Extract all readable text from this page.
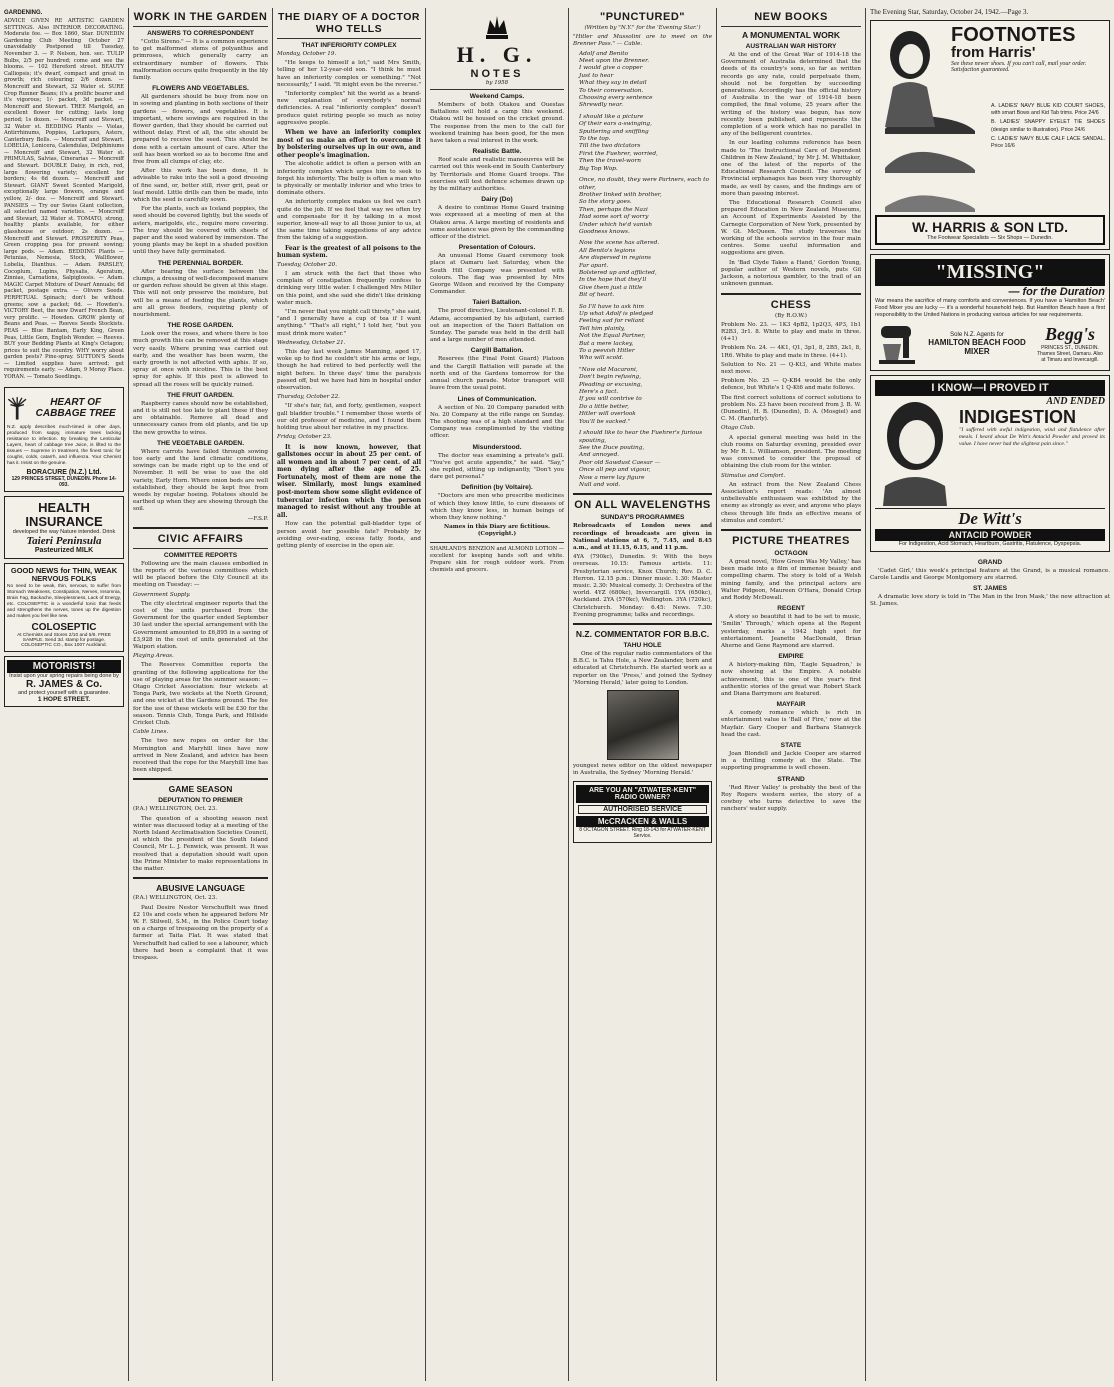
GARDENING.
ADVICE GIVEN RE ARTISTIC GARDEN SETTINGS. Also INTERIOR DECORATING. Moderate fee. — Box 1860, Star. DUNEDIN Gardening Club Meeting October 27 unavoidably Postponed till Tuesday, November 3. — P. Nelson, hon. sec. TULIP Bulbs, 2/5 per hundred; come and see the blooms. — 102 Hereford street. BEAUTY Calliopsis; it's dwarf, compact and great in growth; rich colouring; 2/6 dozen. — Moncreiff and Stewart, 32 Water st. SURE Crop Runner Beans; it's a prolific bearer and it's vigorous; 1/- packet, 3d packet. — Moncreiff and Stewart. TREE Marigold, an excellent flower for cutting; lasts long period; 1s dozen. — Moncreiff and Stewart, 32 Water st. BEDDING Plants — Violas, Antirrhinums, Poppies, Larkspurs, Asters, Canterbury Bells. — Moncreiff and Stewart. LOBELIA, Lonicera, Calendulas, Delphiniums — Moncreiff and Stewart, 32 Water st. PRIMULAS, Salvias, Cinerarias — Moncreiff and Stewart. DOUBLE Daisy, in rich, red, large flowering variety; excellent for borders; 4s 6d dozen. — Moncreiff and Stewart. GIANT Sweet Scented Marigold, exceptionally large flowers, orange and yellow, 2/- doz. — Moncreiff and Stewart. PANSIES — Try our Swiss Giant collection, all selected named varieties. — Moncreiff and Stewart, 32 Water st. TOMATO, strong, healthy plants available, for either glasshouse or outdoor; 2s dozen. — Moncreiff and Stewart. PROSPERITY Peas, Green cropping pea for present sowing; large pods. — Adam. BEDDING Plants — Petunias, Nemesia, Stock, Wallflower, Lobelia, Dianthus. — Adam. PARSLEY, Cocoplum, Lupins, Physalis, Ageratum, Zinnias, Carnations, Salpiglossis. — Adam. MAGIC Carpet Mixture of Dwarf Annuals; 6d packet, postage extra. — Olivers Seeds. PERPETUAL Spinach; don't be without greens; sow a packet; 6d. — Howden's. VICTORY Beet, the new Dwarf French Bean, very prolific. — Howden. GROW plenty of Beans and Peas. — Reeves Seeds Stockists. PEAS — Blue Bantam, Early King, Green Peas, Little Gem, English Wonder. — Reeves. BUY your Bedding Plants at King's Octagon; prices to suit the country. WHY worry about garden pests? Pine-spray. SUTTON'S Seeds — Limited supplies have arrived; get requirements early. — Adam, 9 Moray Place. YORAN. — Tomato Seedlings.
HEART OF CABBAGE TREE
N.Z. apply describes much-timed in other days, produced from sappy, immature trees lacking resistance to infection. By breaking the Lenticular Layers, heart of cabbage tree Juice, is lifted to the tissues — Supreme in treatment, the finest tonic for coughs, colds, catarrh, and influenza. Your Chemist has it. Insist on the genuine.
BORACURE (N.Z.) Ltd.
129 PRINCES STREET, DUNEDIN. Phone 14-093.
HEALTH INSURANCE
developed the way Nature intended. Drink
Taieri Peninsula
Pasteurized MILK
GOOD NEWS for THIN, WEAK NERVOUS FOLKS
No need to be weak, thin, nervous, to suffer from Stomach Weakness, Constipation, Nerves, Insomnia, Brain Fag, Backache, Sleeplessness, Lack of Energy, etc. COLOSEPTIC is a wonderful tonic that feeds and strengthens the nerves, tones up the digestion and makes you feel like new.
COLOSEPTIC
At Chemists and Stores 2/10 and 5/6. FREE SAMPLE. Send 3d. stamp for postage. COLOSEPTIC CO., Box 1007 Auckland.
MOTORISTS!
Insist upon your spring repairs being done by
R. JAMES & Co.
and protect yourself with a guarantee.
1 HOPE STREET.
WORK IN THE GARDEN
ANSWERS TO CORRESPONDENT
"Cotto Sireno." — It is a common experience to get malformed stems of polyanthus and primroses, which generally carry an extraordinary number of flowers. This malformation occurs quite frequently in the lily family.
FLOWERS AND VEGETABLES.
All gardeners should be busy from now on in sowing and planting in both sections of their gardens — flowers, and vegetables. It is important, where sowings are required in the flower garden, that they should be carried out without delay. First of all, the site should be prepared to receive the seed. This should be done with a certain amount of care. After the soil has been worked so as to become fine and free from all clumps of clay, etc.
After this work has been done, it is advisable to rake into the soil a good dressing of fine sand, or, better still, river grit, peat or leaf mould. Little drills can then be made, into which the seed is carefully sown.
For the plants, such as Iceland poppies, the seed should be covered lightly, but the seeds of asters, marigolds, etc., require more covering. The tray should be covered with sheets of paper and the seed watered by immersion. The young plants may be kept in a shaded position until they have fully germinated.
THE PERENNIAL BORDER.
After hearing the surface between the clumps, a dressing of well-decomposed manure or garden refuse should be given at this stage. This will not only preserve the moisture, but will be a means of feeding the plants, which are all gross feeders, requiring plenty of nourishment.
THE ROSE GARDEN.
Look over the roses, and where there is too much growth this can be removed at this stage very easily. Where pruning was carried out early, and the weather has been warm, the early growth is not affected with aphis. If so, spray at once with nicotine. This is the best spray for aphis. If this pest is allowed to spread all the roses will be quickly ruined.
THE FRUIT GARDEN.
Raspberry canes should now be established, and it is still not too late to plant these if they are obtainable. Remove all dead and unnecessary canes from old plants, and tie up the new growths to wires.
THE VEGETABLE GARDEN.
Where carrots have failed through sowing too early and the land climatic conditions, sowings can be made right up to the end of November. It will be wise to use the old variety, Early Horn. Where onion beds are well established, they should be kept free from weeds by regular hoeing. Potatoes should be earthed up when they are showing through the soil.
—F.S.P.
CIVIC AFFAIRS
COMMITTEE REPORTS
Following are the main clauses embodied in the reports of the various committees which will be placed before the City Council at its meeting on Tuesday: —
Government Supply.
The city electrical engineer reports that the cost of the units purchased from the Government for the quarter ended September 30 last under the special arrangement with the Government amounted to £6,895 in a saving of £3,928 in the cost of units generated at the Waipori station.
Playing Areas.
The Reserves Committee reports the granting of the following applications for the use of playing areas for the summer season: — Otago Cricket Association: four wickets at Tonga Park, two wickets at the North Ground, and one wicket at the Gardens ground. The fee for the use of these wickets will be £30 for the season. Tennis Club, Tonga Park, and Hillside Cricket Club.
Cable Lines.
The two new ropes on order for the Mornington and Maryhill lines have now arrived in New Zealand, and advice has been received that the rope for the Maryhill line has been shipped.
GAME SEASON
DEPUTATION TO PREMIER
(P.A.) WELLINGTON, Oct. 23.
The question of a shooting season next winter was discussed today at a meeting of the North Island Acclimatisation Societies Council, at which the president of the South Island Council, Mr L. J. Fenwick, was present. It was resolved that a deputation should wait upon the Prime Minister to make representations in the matter.
ABUSIVE LANGUAGE
(P.A.) WELLINGTON, Oct. 23.
Paul Desire Nestor Verschuffelt was fined £2 10s and costs when he appeared before Mr W. F. Stilwell, S.M., in the Police Court today on a charge of trespassing on the property of a farmer at Taita Flat. It was stated that Verschuffelt had called to see a labourer, which there had been a complaint that it was trespass.
THE DIARY OF A DOCTOR WHO TELLS
THAT INFERIORITY COMPLEX
Monday, October 19.
"He keeps to himself a lot," said Mrs Smith, telling of her 12-year-old son. "I think he must have an inferiority complex or something." "Not necessarily," I said. "It might even be the reverse."
"Inferiority complex" hit the world as a brand-new explanation of everybody's normal deficiencies. A real "inferiority complex" doesn't produce quiet retiring people so much as noisy aggressive people.
When we have an inferiority complex most of us make an effort to overcome it by bolstering ourselves up in our own, and other people's imagination.
The alcoholic addict is often a person with an inferiority complex which urges him to seek to forget his inferiority. The bully is often a man who is physically or mentally inferior and who tries to dominate others.
An inferiority complex makes us feel we can't quite do the job. If we feel that way we often try and compensate for it by talking in a most superior, know-all way to all those junior to us, at the same time taking suggestions of any advice from the taking of a suggestion.
Fear is the greatest of all poisons to the human system.
Tuesday, October 20.
I am struck with the fact that those who complain of constipation frequently confess to drinking very little water. I challenged Mrs Miller on this point, and she said she didn't like drinking water much.
"I'm never that you might call thirsty," she said, "and I generally have a cup of tea if I want anything." "That's all right," I told her, "but you must drink more water."
Wednesday, October 21.
This day last week James Manning, aged 17, woke up to find he couldn't stir his arms or legs, though he had retired to bed perfectly well the night before. In three days' time the paralysis passed off, but we have had him in hospital under observation.
Thursday, October 22.
"If she's fair, fat, and forty, gentlemen, suspect gall bladder trouble." I remember those words of our old professor of medicine, and I found them holding true about her relative in my practice.
Friday, October 23.
It is now known, however, that gallstones occur in about 25 per cent. of all women and in about 7 per cent. of all men dying after the age of 25. Fortunately, most of them are none the wiser. Similarly, most lungs examined post-mortem show some slight evidence of tubercular infection which the person managed to resist without any trouble at all.
How can the potential gall-bladder type of person avoid her possible fate? Probably by avoiding over-eating, excess fatty foods, and getting plenty of exercise in the open air.
H. G.
NOTES
by 1958
Weekend Camps.
Members of both Otakou and Ouestas Battalions will hold a camp this weekend. Otakou will be housed on the cricket ground. The response from the men to the call for weekend training has been good, for the men have taken a real interest in the work.
Realistic Battle.
Roof scale and realistic manoeuvres will be carried out this week-end in South Canterbury by Territorials and Home Guard troops. The exercises will test defence schemes drawn up by the military authorities.
Dairy (Do)
A desire to continue Home Guard training was expressed at a meeting of men at the Otakou area. A large meeting of residents and some assistance was given by the commanding officer of the district.
Presentation of Colours.
An unusual Home Guard ceremony took place at Oamaru last Saturday, when the South Hill Company was presented with colours. The flag was presented by Mrs George Wilson and received by the Company Commander.
Taieri Battalion.
The proof directive, Lieutenant-colonel F. B. Adams, accompanied by his adjutant, carried out an inspection of the Taieri Battalion on Sunday. The parade was held in the drill hall and a large number of men attended.
Cargill Battalion.
Reserves (the Final Point Guard) Platoon and the Cargill Battalion will parade at the north end of the Gardens tomorrow for the annual church parade. Motor transport will leave from the usual point.
Lines of Communication.
A section of No. 20 Company paraded with No. 20 Company at the rifle range on Sunday. The shooting was of a high standard and the Company was complimented by the visiting officer.
Misunderstood.
The doctor was examining a private's gall. "You've got acute appendix," he said. "Say," she replied, sitting up indignantly, "Don't you dare get personal."
Definition (by Voltaire).
"Doctors are men who prescribe medicines of which they know little, to cure diseases of which they know less, in human beings of whom they know nothing."
Names in this Diary are fictitious. (Copyright.)
SHARLAND'S BENZION and ALMOND LOTION — excellent for keeping hands soft and white. Prepare skin for rough outdoor work. From chemists and grocers.
"PUNCTURED"
(Written by "N.Y." for the 'Evening Star.')
"Hitler and Mussolini are to meet on the Brenner Pass." — Cable.
Adolf and Benito
Meet upon the Brenner.
I would give a copper
Just to hear
What they say in detail
To their conversation.
Choosing every sentence
Shrewdly near.
I should like a picture
Of their ears a-swinging,
Sputtering and sniffling
To the top.
Till the two dictators
First the Fuehrer, worried,
Then the travel-worn
Big Top Wop.
Once, no doubt, they were Partners, each to other,
Brother linked with brother,
So the story goes.
Then, perhaps the Nazi
Had some sort of worry
Under which he'd vanish
Goodness knows.
Now the scene has altered.
All Benito's legions
Are dispersed in regions
Far apart.
Bolstered up and afflicted,
In the hope that they'll
Give them just a little
Bit of heart.
So I'll have to ask him
Up what Adolf is pledged
Feeling sad for reliant
Tell him plainly,
Not the Equal Partner,
But a mere lackey,
To a peevish Hitler
Who will scold.
"Now old Macaroni,
Don't begin refusing,
Pleading or excusing,
Here's a fact.
If you will contrive to
Do a little better,
Hitler will overlook
You'll be sacked."
I should like to hear the Fuehrer's furious spouting,
See the Duce pouting,
And annoyed.
Poor old Sawdust Caesar —
Once all pep and vigour,
Now a mere lay figure
Null and void.
ON ALL WAVELENGTHS
SUNDAY'S PROGRAMMES
Rebroadcasts of London news and recordings of broadcasts are given in National stations at 6, 7, 7.45, and 8.45 a.m., and at 11.15, 6.15, and 11 p.m.
4YA (790kc), Dunedin. 9: With the boys overseas. 10.15: Famous artists. 11: Presbyterian service, Knox Church; Rev. D. C. Herron. 12.15 p.m.: Dinner music. 1.30: Master music. 2.30: Musical comedy. 3: Orchestra of the world. 4YZ (680kc), Invercargill. 1YA (650kc), Auckland. 2YA (570kc), Wellington. 3YA (720kc), Christchurch. Monday: 6.45: News. 7.30: Evening programme; talks and recordings.
N.Z. COMMENTATOR FOR B.B.C.
TAHU HOLE
One of the regular radio commentators of the B.B.C. is Tahu Hole, a New Zealander, born and educated at Christchurch. He started work as a reporter on the 'Press,' and joined the Sydney 'Morning Herald,' later going to London.
youngest news editor on the oldest newspaper in Australia, the Sydney 'Morning Herald.'
ARE YOU AN "ATWATER-KENT" RADIO OWNER?
AUTHORISED SERVICE
McCRACKEN & WALLS
8 OCTAGON STREET. Ring 18-143 for ATWATER-KENT Service.
NEW BOOKS
A MONUMENTAL WORK
AUSTRALIAN WAR HISTORY
At the end of the Great War of 1914-18 the Government of Australia determined that the deeds of its country's sons, so far as written records go any rate, could perpetuate them, should not be forgotten by succeeding generations. Accordingly has the official history of Australia in the war of 1914-18 been compiled, the final volume, 25 years after the writing of the history was begun, has now recently been published, and represents the completion of a work which has no parallel in any of the belligerent countries.
In our leading columns reference has been made to 'The Instructional Care of Dependent Children in New Zealand,' by Mr J. M. Whittaker, one of the latest of the reports of the Educational Research Council. The survey of Provincial orphanages has been very thoroughly made, as well by cases, and the findings are of more than passing interest.
The Educational Research Council also prepared Education in New Zealand Museums, an Account of Experiments Assisted by the Carnegie Corporation of New York, presented by W. Gt. McQueen. The study traverses the working of the schools service in the four main centres. Some useful information and suggestions are given.
In 'Bad Clyde Takes a Hand,' Gordon Young, popular author of Western novels, puts Gil Jackson, a notorious gambler, to the trail of an unknown gunman.
CHESS
(By R.O.W.)
Problem No. 23. — 1K3 4pB2, 1p2Q3, 4P3, 1b1 R2B3, 3r1. 8. White to play and mate in three. (4+1)
Problem No. 24. — 4K1, Q1, 3p1, 8, 2B5, 2k1, 8, 1R6. White to play and mate in three. (4+1).
Solution to No. 21 — Q-Kt3, and White mates next move.
Problem No. 25 — Q-KB4 would be the only defence, but White's 1 Q-Kt6 and mate follows.
The first correct solutions of correct solutions to problem No. 23 have been received from J. B. W. (Dunedin), H. B. (Dunedin), D. A. (Mosgiel) and C. M. (Ranfurly).
Otago Club.
A special general meeting was held in the club rooms on Saturday evening, presided over by Mr R. L. Williamson, president. The meeting was convened to consider the proposal of obtaining the club room for the winter.
Stimulus and Comfort.
An extract from the New Zealand Chess Association's report reads: 'An almost unbelievable enthusiasm was exhibited by the enemy as strongly as ever, and anyone who plays chess through life finds an effective means of stimulus and comfort.'
PICTURE THEATRES
OCTAGON
A great novel, 'How Green Was My Valley,' has been made into a film of immense beauty and compelling charm. The story is told of a Welsh mining family, and the principal actors are Walter Pidgeon, Maureen O'Hara, Donald Crisp and Roddy McDowall.
REGENT
A story so beautiful it had to be set to music, 'Smilin' Through,' which opens at the Regent yesterday, marks a 1942 high spot for entertainment. Jeanette MacDonald, Brian Aherne and Gene Raymond are starred.
EMPIRE
A history-making film, 'Eagle Squadron,' is now showing at the Empire. A notable achievement, this is one of the year's first authentic stories of the great war. Robert Stack and Diana Barrymore are featured.
MAYFAIR
A comedy romance which is rich in entertainment value is 'Ball of Fire,' now at the Mayfair. Gary Cooper and Barbara Stanwyck head the cast.
STATE
Joan Blondell and Jackie Cooper are starred in a thrilling comedy at the State. The supporting programme is well chosen.
STRAND
'Red River Valley' is probably the best of the Roy Rogers western series, the story of a cowboy who turns detective to save the ranchers' water supply.
The Evening Star, Saturday, October 24, 1942.—Page 3.
FOOTNOTES
from Harris'
See these newer shoes. If you can't call, mail your order. Satisfaction guaranteed.

A. LADIES' NAVY BLUE KID COURT SHOES, with smart Bows and Kid Tab trims. Price 24/6
B. LADIES' SNAPPY EYELET TIE SHOES (design similar to illustration). Price 24/6
C. LADIES' NAVY BLUE CALF LACE SANDAL. Price 16/6
W. HARRIS & SON LTD.
The Footwear Specialists — Six Shops — Dunedin.
"MISSING"
— for the Duration
War means the sacrifice of many comforts and conveniences. If you have a 'Hamilton Beach' Food Mixer you are lucky — it's a wonderful household help. But Hamilton Beach have a first responsibility to the United Nations in producing various articles for war requirements.
Sole N.Z. Agents for
HAMILTON BEACH FOOD MIXER
Begg's
PRINCES ST., DUNEDIN. Thames Street, Oamaru. Also at Timaru and Invercargill.
I KNOW—I PROVED IT
AND ENDED
INDIGESTION
"I suffered with awful indigestion, wind and flatulence after meals. I heard about De Witt's Antacid Powder and proved its value. I have never had the slightest pain since."
De Witt's
ANTACID POWDER
For Indigestion, Acid Stomach, Heartburn, Gastritis, Flatulence, Dyspepsia.
GRAND
'Cadet Girl,' this week's principal feature at the Grand, is a musical romance. Carole Landis and George Montgomery are starred.
ST. JAMES
A dramatic love story is told in 'The Man in the Iron Mask,' the new attraction at St. James.
